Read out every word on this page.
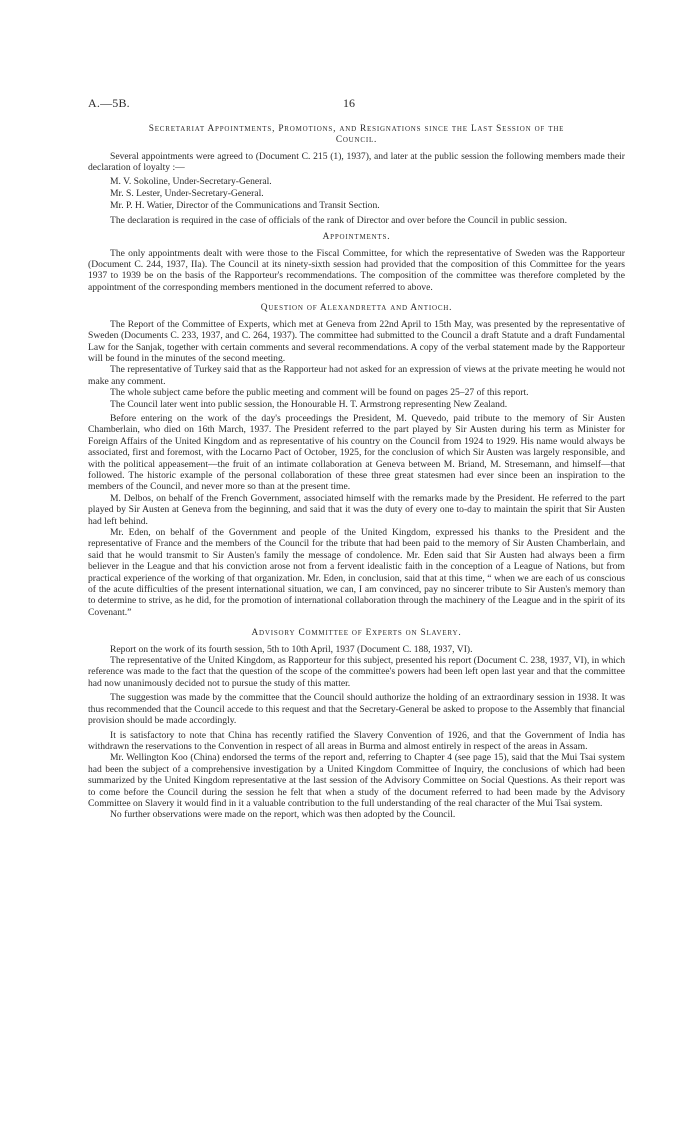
A.—5B.	16
Secretariat Appointments, Promotions, and Resignations since the Last Session of the
Council.

Several appointments were agreed to (Document C. 215 (1), 1937), and later at the public session the following members made their declaration of loyalty :—

M. V. Sokoline, Under-Secretary-General.
Mr. S. Lester, Under-Secretary-General.
Mr. P. H. Watier, Director of the Communications and Transit Section.

The declaration is required in the case of officials of the rank of Director and over before the Council in public session.

Appointments.

The only appointments dealt with were those to the Fiscal Committee, for which the representative of Sweden was the Rapporteur (Document C. 244, 1937, IIa). The Council at its ninety-sixth session had provided that the composition of this Committee for the years 1937 to 1939 be on the basis of the Rapporteur's recommendations. The composition of the committee was therefore completed by the appointment of the corresponding members mentioned in the document referred to above.

Question of Alexandretta and Antioch.

The Report of the Committee of Experts, which met at Geneva from 22nd April to 15th May, was presented by the representative of Sweden (Documents C. 233, 1937, and C. 264, 1937). The committee had submitted to the Council a draft Statute and a draft Fundamental Law for the Sanjak, together with certain comments and several recommendations. A copy of the verbal statement made by the Rapporteur will be found in the minutes of the second meeting.

The representative of Turkey said that as the Rapporteur had not asked for an expression of views at the private meeting he would not make any comment.

The whole subject came before the public meeting and comment will be found on pages 25–27 of this report.

The Council later went into public session, the Honourable H. T. Armstrong representing New Zealand.

Before entering on the work of the day's proceedings the President, M. Quevedo, paid tribute to the memory of Sir Austen Chamberlain, who died on 16th March, 1937. The President referred to the part played by Sir Austen during his term as Minister for Foreign Affairs of the United Kingdom and as representative of his country on the Council from 1924 to 1929. His name would always be associated, first and foremost, with the Locarno Pact of October, 1925, for the conclusion of which Sir Austen was largely responsible, and with the political appeasement—the fruit of an intimate collaboration at Geneva between M. Briand, M. Stresemann, and himself—that followed. The historic example of the personal collaboration of these three great statesmen had ever since been an inspiration to the members of the Council, and never more so than at the present time.

M. Delbos, on behalf of the French Government, associated himself with the remarks made by the President. He referred to the part played by Sir Austen at Geneva from the beginning, and said that it was the duty of every one to-day to maintain the spirit that Sir Austen had left behind.

Mr. Eden, on behalf of the Government and people of the United Kingdom, expressed his thanks to the President and the representative of France and the members of the Council for the tribute that had been paid to the memory of Sir Austen Chamberlain, and said that he would transmit to Sir Austen's family the message of condolence. Mr. Eden said that Sir Austen had always been a firm believer in the League and that his conviction arose not from a fervent idealistic faith in the conception of a League of Nations, but from practical experience of the working of that organization. Mr. Eden, in conclusion, said that at this time, “ when we are each of us conscious of the acute difficulties of the present international situation, we can, I am convinced, pay no sincerer tribute to Sir Austen's memory than to determine to strive, as he did, for the promotion of international collaboration through the machinery of the League and in the spirit of its Covenant.”

Advisory Committee of Experts on Slavery.

Report on the work of its fourth session, 5th to 10th April, 1937 (Document C. 188, 1937, VI).

The representative of the United Kingdom, as Rapporteur for this subject, presented his report (Document C. 238, 1937, VI), in which reference was made to the fact that the question of the scope of the committee's powers had been left open last year and that the committee had now unanimously decided not to pursue the study of this matter.

The suggestion was made by the committee that the Council should authorize the holding of an extraordinary session in 1938. It was thus recommended that the Council accede to this request and that the Secretary-General be asked to propose to the Assembly that financial provision should be made accordingly.

It is satisfactory to note that China has recently ratified the Slavery Convention of 1926, and that the Government of India has withdrawn the reservations to the Convention in respect of all areas in Burma and almost entirely in respect of the areas in Assam.

Mr. Wellington Koo (China) endorsed the terms of the report and, referring to Chapter 4 (see page 15), said that the Mui Tsai system had been the subject of a comprehensive investigation by a United Kingdom Committee of Inquiry, the conclusions of which had been summarized by the United Kingdom representative at the last session of the Advisory Committee on Social Questions. As their report was to come before the Council during the session he felt that when a study of the document referred to had been made by the Advisory Committee on Slavery it would find in it a valuable contribution to the full understanding of the real character of the Mui Tsai system.

No further observations were made on the report, which was then adopted by the Council.
